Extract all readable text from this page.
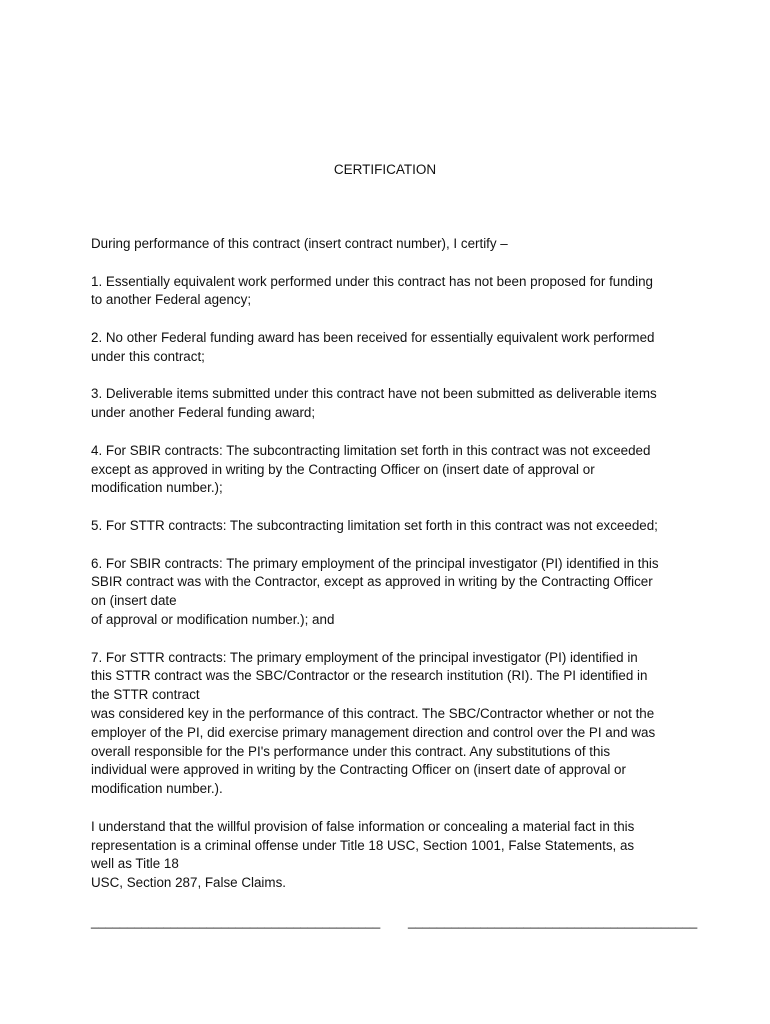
CERTIFICATION

During performance of this contract (insert contract number), I certify –

1. Essentially equivalent work performed under this contract has not been proposed for funding
to another Federal agency;

2. No other Federal funding award has been received for essentially equivalent work performed
under this contract;

3. Deliverable items submitted under this contract have not been submitted as deliverable items
under another Federal funding award;

4. For SBIR contracts: The subcontracting limitation set forth in this contract was not exceeded
except as approved in writing by the Contracting Officer on (insert date of approval or
modification number.);

5. For STTR contracts: The subcontracting limitation set forth in this contract was not exceeded;

6. For SBIR contracts: The primary employment of the principal investigator (PI) identified in this
SBIR contract was with the Contractor, except as approved in writing by the Contracting Officer
on (insert date
of approval or modification number.); and

7. For STTR contracts: The primary employment of the principal investigator (PI) identified in
this STTR contract was the SBC/Contractor or the research institution (RI). The PI identified in
the STTR contract
was considered key in the performance of this contract. The SBC/Contractor whether or not the
employer of the PI, did exercise primary management direction and control over the PI and was
overall responsible for the PI's performance under this contract. Any substitutions of this
individual were approved in writing by the Contracting Officer on (insert date of approval or
modification number.).

I understand that the willful provision of false information or concealing a material fact in this
representation is a criminal offense under Title 18 USC, Section 1001, False Statements, as
well as Title 18
USC, Section 287, False Claims.

________________________________________ ________________________________________
